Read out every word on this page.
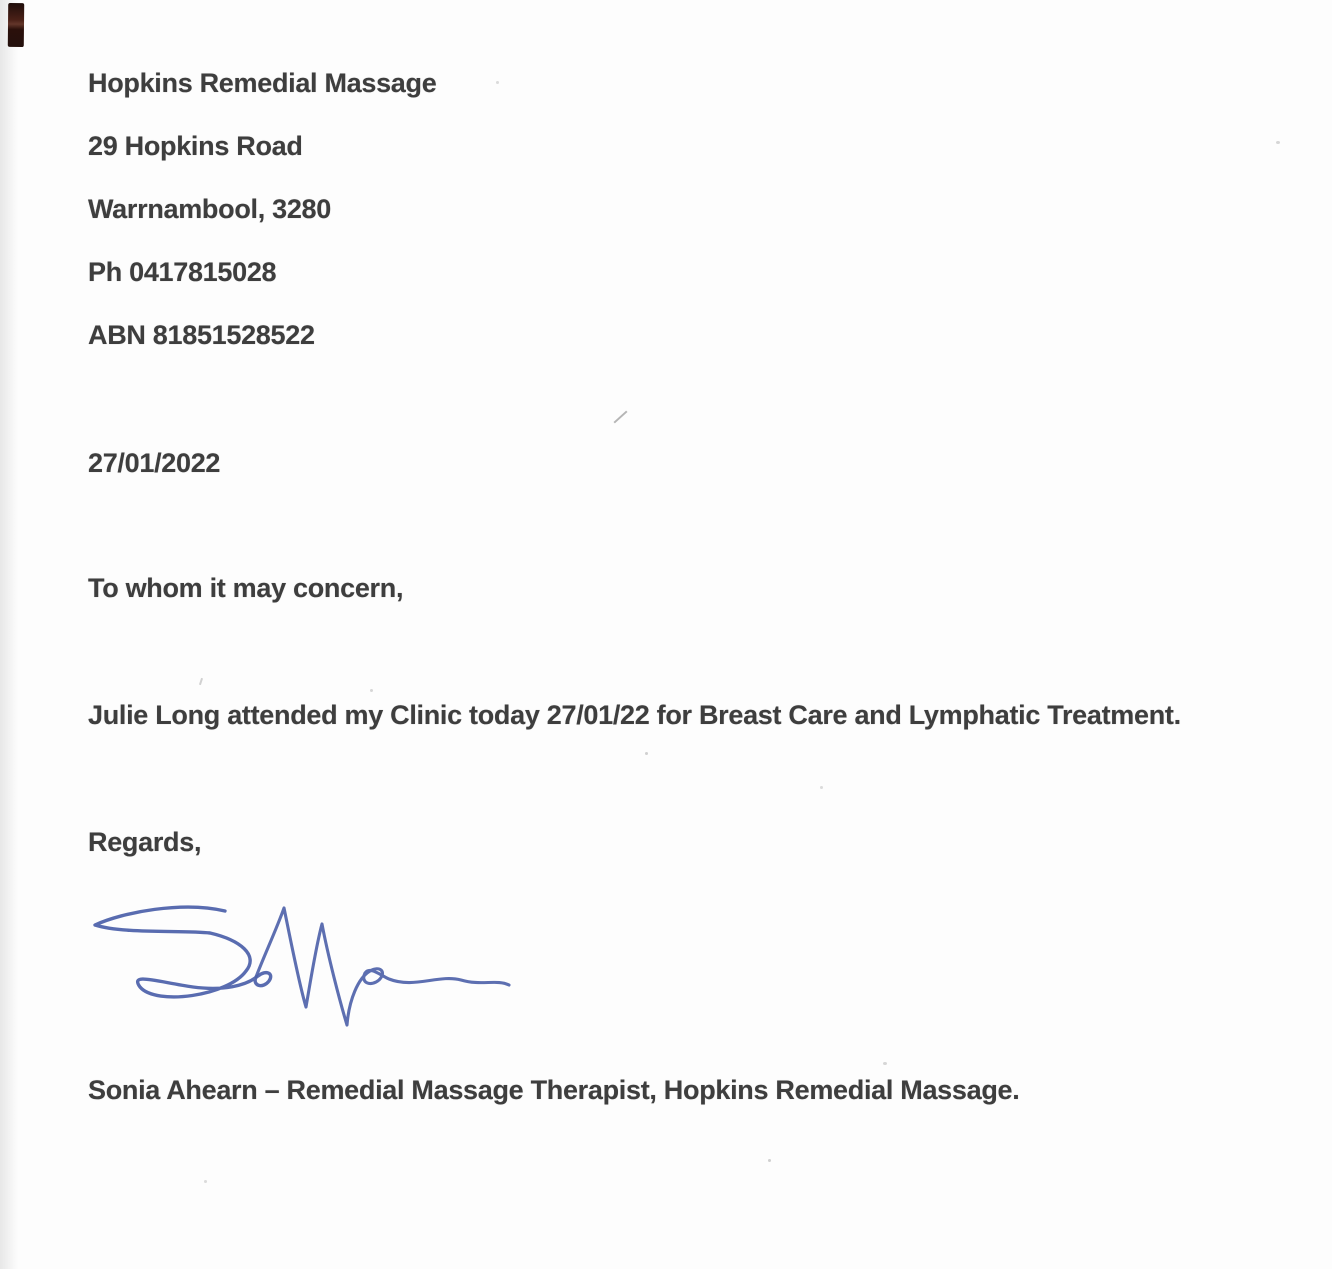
Hopkins Remedial Massage
29 Hopkins Road
Warrnambool, 3280
Ph 0417815028
ABN 81851528522
27/01/2022
To whom it may concern,
Julie Long attended my Clinic today 27/01/22 for Breast Care and Lymphatic Treatment.
Regards,
Sonia Ahearn – Remedial Massage Therapist, Hopkins Remedial Massage.
